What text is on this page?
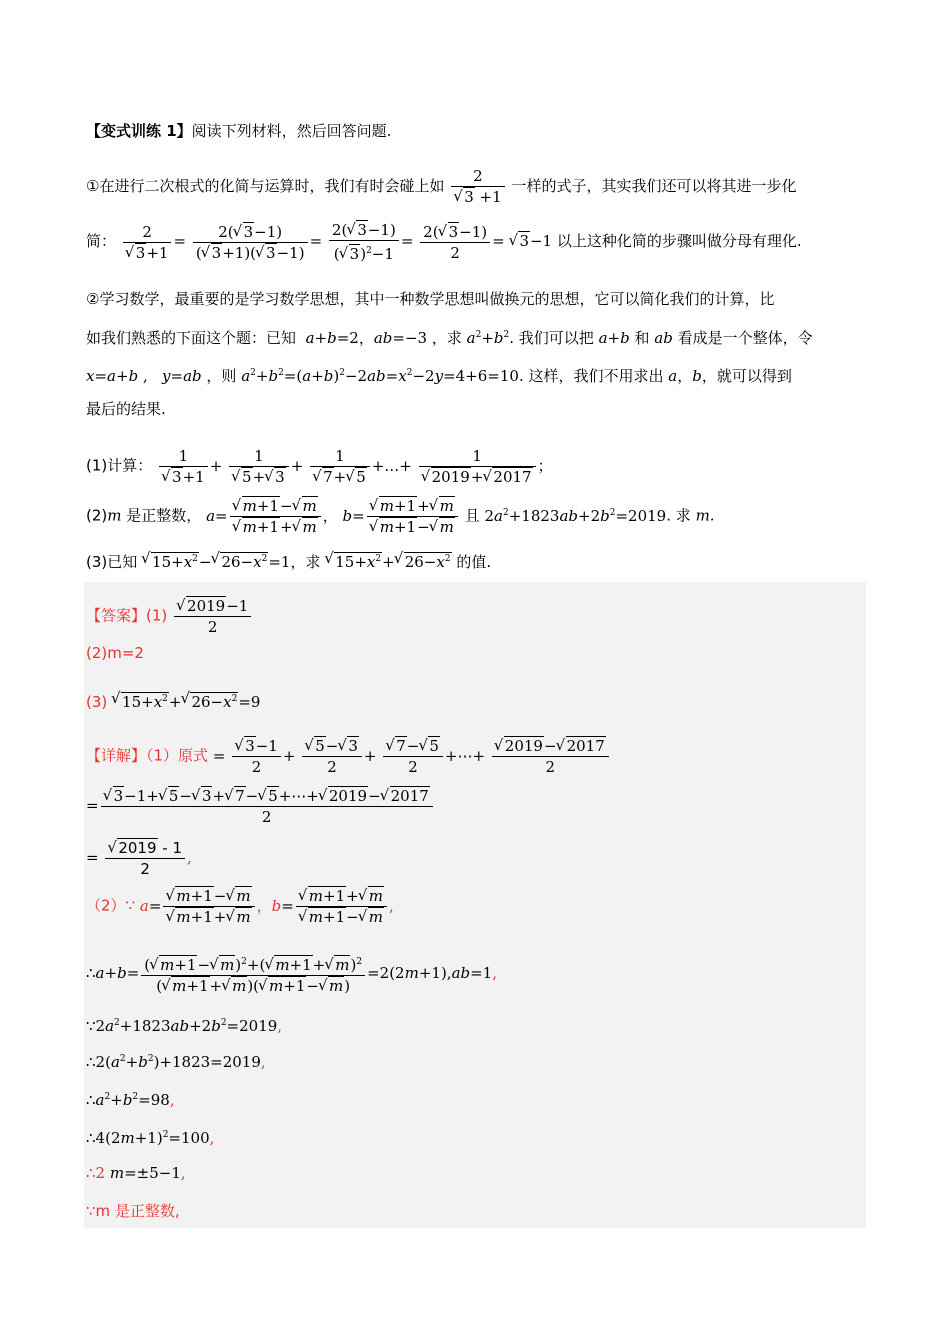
【变式训练 1】阅读下列材料，然后回答问题.
①在进行二次根式的化简与运算时，我们有时会碰上如 2
√ 3 +1 一样的式子，其实我们还可以将其进一步化
简： 2
√ $3+1 = \frac{2(√ 3-1)}{(√ 3+1)(√ 3-1)} = \frac{2(√ 3-1)}{(√ 3)^2-1} = \frac{2(√ 3-1)}{2}$ = √ 3−1 以上这种化简的步骤叫做分母有理化.
②学习数学，最重要的是学习数学思想，其中一种数学思想叫做换元的思想，它可以简化我们的计算，比
如我们熟悉的下面这个题：已知 a+b=2，ab=−3 ，求 $a^2+b^2$. 我们可以把 a+b 和 ab 看成是一个整体，令
x=a+b ,   y=ab ，则 $a^2+b^2=(a+b)^2-2ab=x^2-2y=4+6=10$. 这样，我们不用求出 a，b，就可以得到
最后的结果.
(1)计算： 1
√ 3+1 + 1
√ 5+√ 3 + 1
√ 7+√ 5 +…+ 1
√ 2019+√ 2017 ；
(2)m 是正整数， a=
√ m+1−√ m
√ m+1+√ m ， b=
√ m+1+√ m
√ m+1−√ m 且 $2a^2+1823ab+2b^2=2019$. 求 m.
(3)已知 √ $15+x^2-√$ $26-x^2=1$，求 √ $15+x^2+√$ $26-x^2$ 的值.
【答案】(1)
√ $\frac{2019-1}{2}$
(2)m=2
(3) √ $15+x^2+√$ $26-x^2=9$
【详解】（1）原式 =
√ $\frac{3-1}{2}$ +
√ $\frac{5-√ 3}{2}$ +
√ $\frac{7-√ 5}{2}$ +⋯+
√ $\frac{2019-√ 2017}{2}$
=
√ $\frac{3-1+√ 5-√ 3+√ 7-√ 5+\cdots+√ 2019-√ 2017}{2}$
=
√ $\frac{2019 - 1}{2}$ ,
（2）∵ a=
√ m+1−√ m
√ m+1+√ m ，b=
√ m+1+√ m
√ m+1−√ m ,
∴a+b= $\frac{(√ m+1-√ m)^2+(√ m+1+√ m)^2}{(√ m+1+√ m)(√ m+1-√ m)} =2(2m+1),ab=1$,
$\because 2a^2+1823ab+2b^2=2019$,
$\therefore 2(a^2+b^2)+1823=2019$,
$\therefore a^2+b^2=98$,
$\therefore 4(2m+1)^2=100$,
∴2 m=±5−1,
∵m 是正整数,
